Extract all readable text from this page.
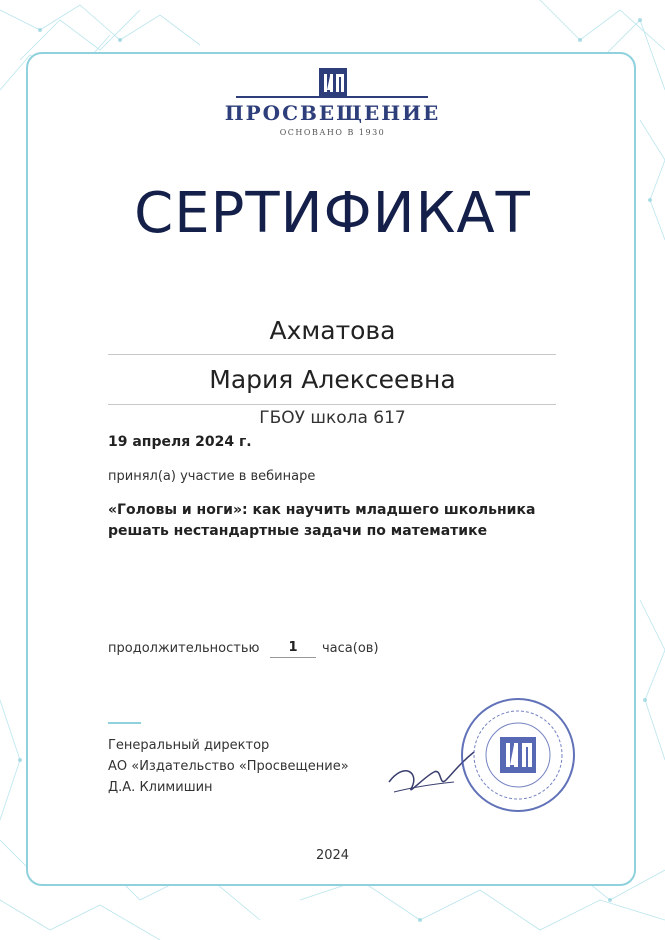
ПРОСВЕЩЕНИЕ
ОСНОВАНО В 1930
СЕРТИФИКАТ
Ахматова
Мария Алексеевна
ГБОУ школа 617
19 апреля 2024 г.
принял(а) участие в вебинаре
«Головы и ноги»: как научить младшего школьника
решать нестандартные задачи по математике
продолжительностью	1	часа(ов)
Генеральный директор
АО «Издательство «Просвещение»
Д.А. Климишин
2024
